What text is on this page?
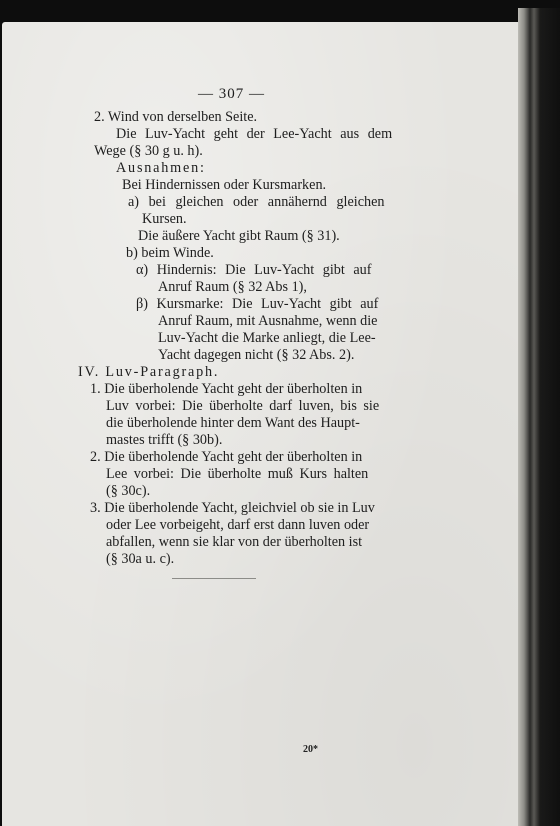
— 307 —
2. Wind von derselben Seite.
Die Luv-Yacht geht der Lee-Yacht aus dem
Wege (§ 30 g u. h).
Ausnahmen:
Bei Hindernissen oder Kursmarken.
a) bei gleichen oder annähernd gleichen
Kursen.
Die äußere Yacht gibt Raum (§ 31).
b) beim Winde.
α) Hindernis: Die Luv-Yacht gibt auf
Anruf Raum (§ 32 Abs 1),
β) Kursmarke: Die Luv-Yacht gibt auf
Anruf Raum, mit Ausnahme, wenn die
Luv-Yacht die Marke anliegt, die Lee-
Yacht dagegen nicht (§ 32 Abs. 2).
IV. Luv-Paragraph.
1. Die überholende Yacht geht der überholten in
Luv vorbei: Die überholte darf luven, bis sie
die überholende hinter dem Want des Haupt-
mastes trifft (§ 30b).
2. Die überholende Yacht geht der überholten in
Lee vorbei: Die überholte muß Kurs halten
(§ 30c).
3. Die überholende Yacht, gleichviel ob sie in Luv
oder Lee vorbeigeht, darf erst dann luven oder
abfallen, wenn sie klar von der überholten ist
(§ 30a u. c).
20*
